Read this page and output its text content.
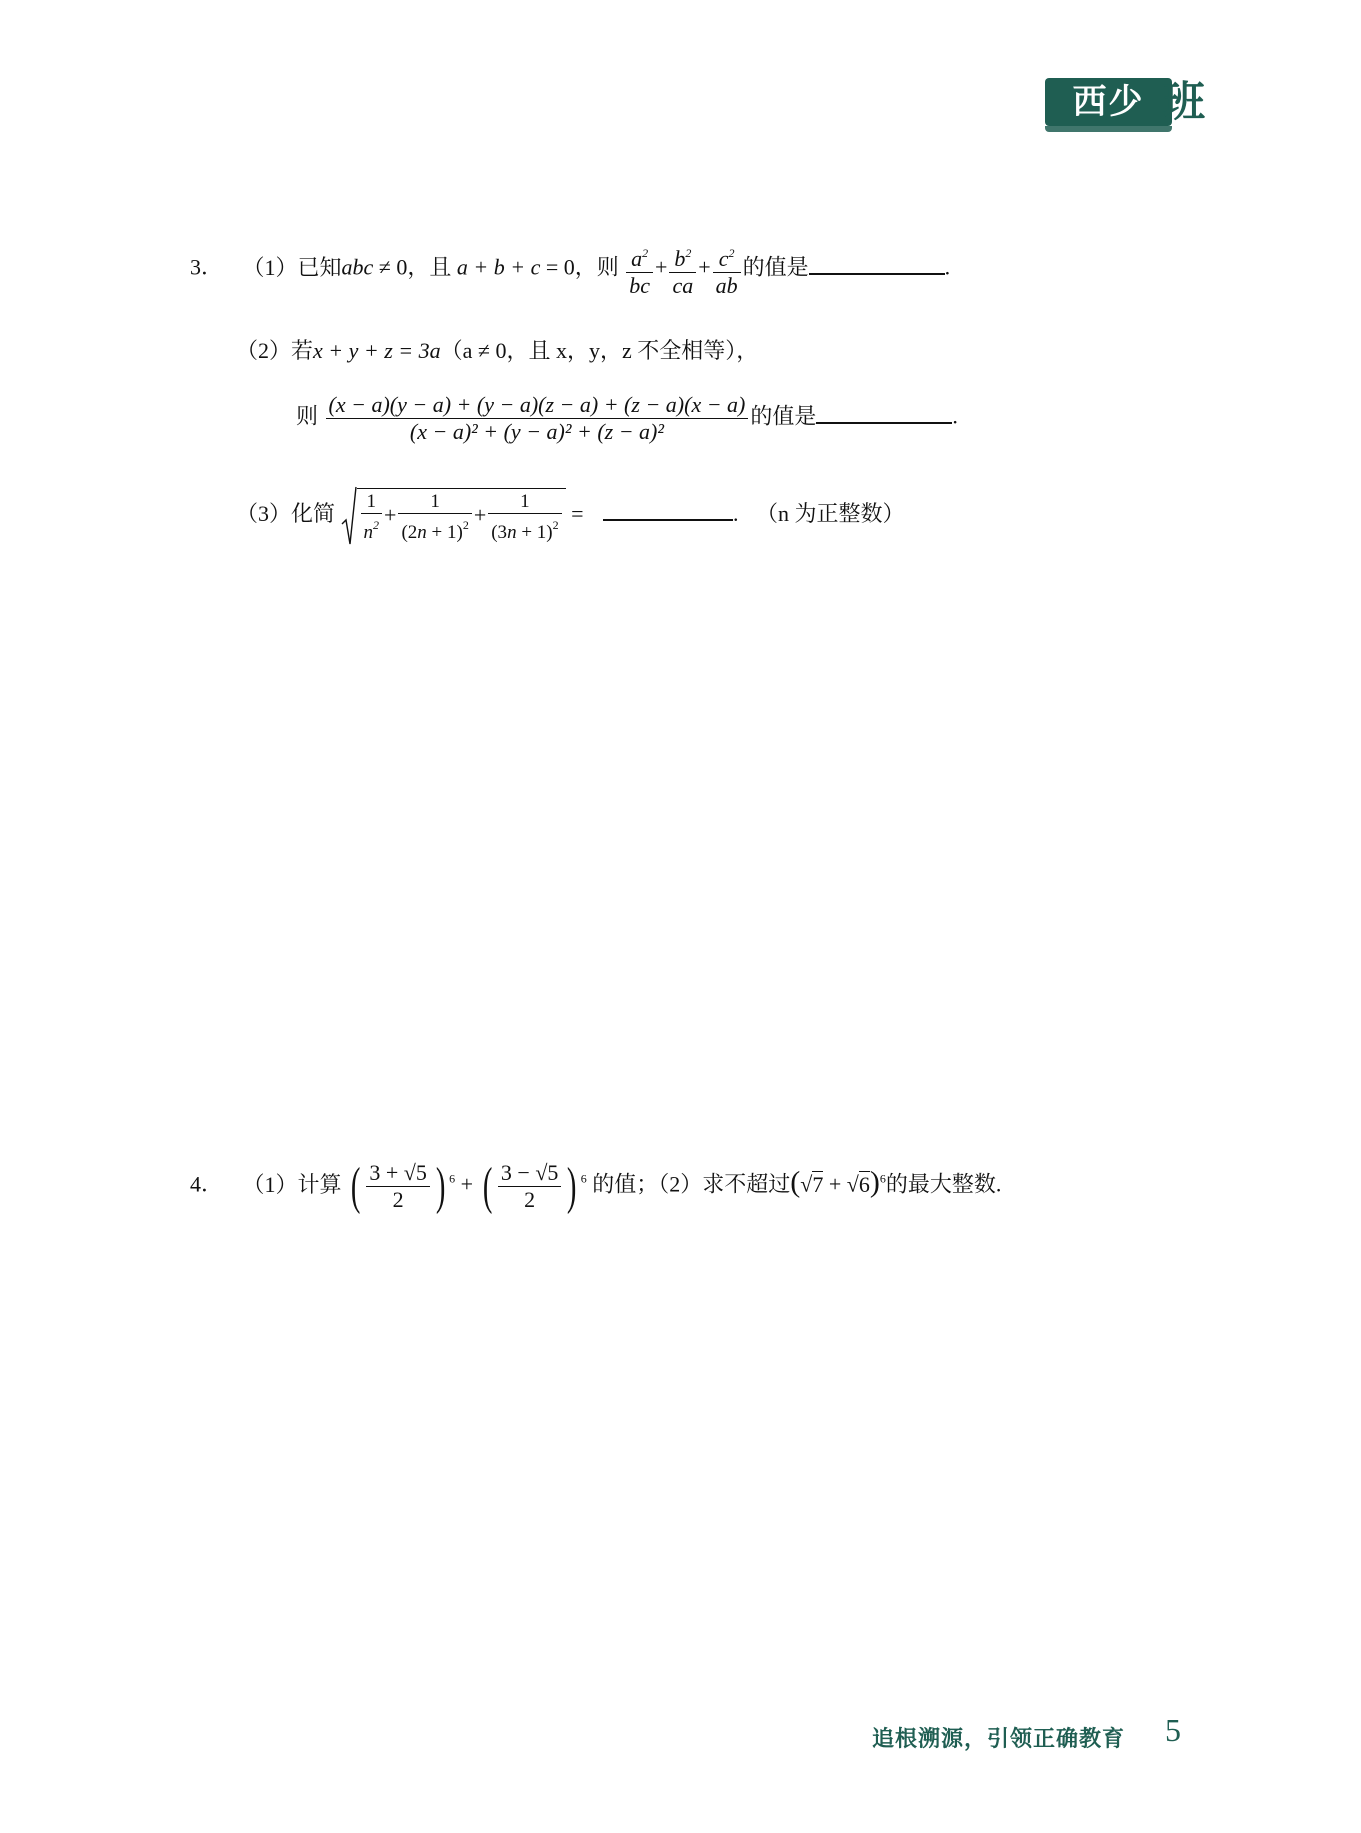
西少 班
3． （1）已知abc ≠ 0，且 a + b + c = 0，则 $\frac{a^2}{bc} + \frac{b^2}{ca} + \frac{c^2}{ab}$ 的值是	.
（2）若x + y + z = 3a（a ≠ 0，且 x，y，z 不全相等），
则 $\frac{(x - a)(y - a) + (y - a)(z - a) + (z - a)(x - a)}{\text{(x − a)² + (y − a)² + (z − a)²}}$ 的值是	.
（3）化简 $\frac{1}{n^2} + \frac{1}{(2n + 1)^2} + \frac{1}{(3n + 1)^2}$ =	. （n 为正整数）
4． （1）计算 ( $\frac{3 + √5}{2}$ ) $^6$ + ( $\frac{3 - √5}{2}$ ) $^6$ 的值；（2）求不超过$(√7 + √6)^6$的最大整数.
追根溯源，引领正确教育 5
